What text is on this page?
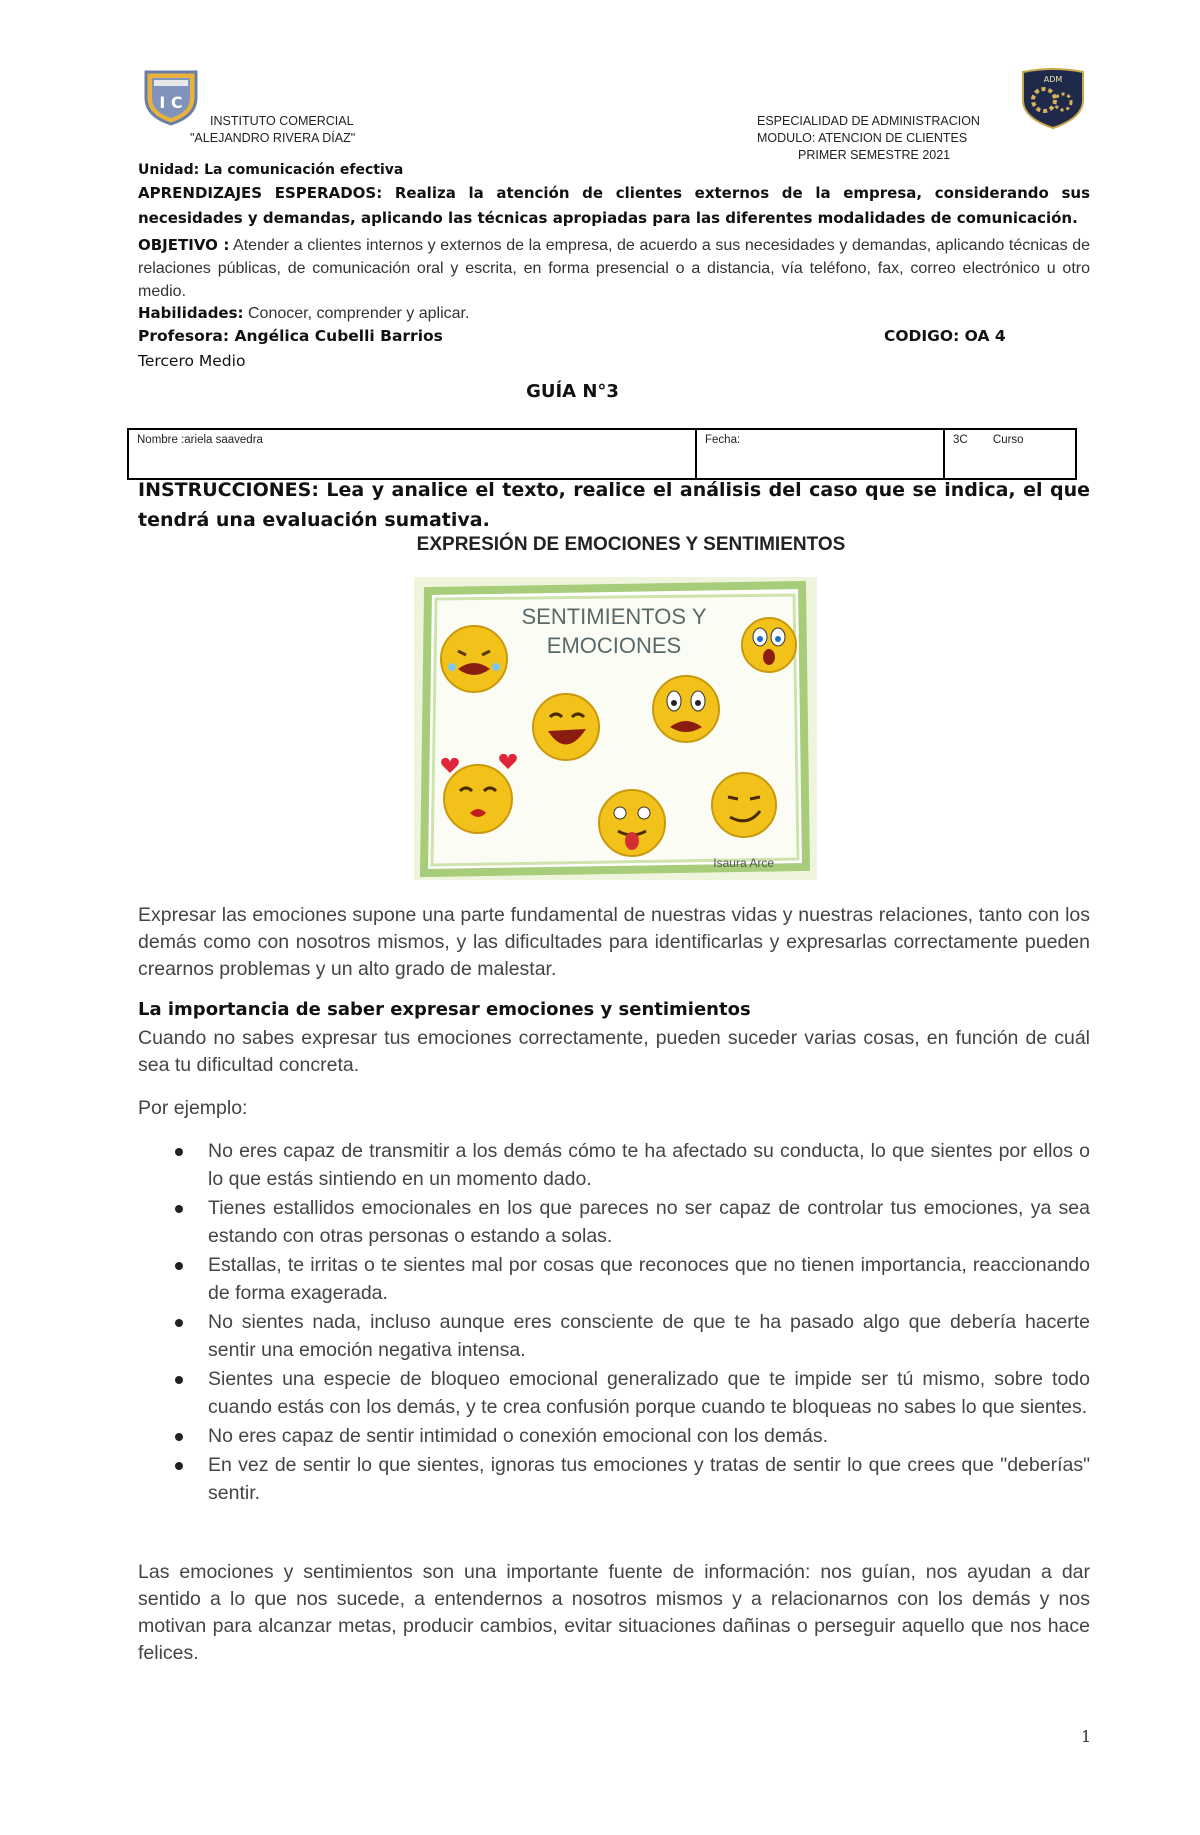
I C
ADM
INSTITUTO COMERCIAL
"ALEJANDRO RIVERA DÍAZ"
ESPECIALIDAD DE ADMINISTRACION
MODULO: ATENCION DE CLIENTES
PRIMER SEMESTRE 2021
Unidad: La comunicación efectiva
APRENDIZAJES ESPERADOS: Realiza la atención de clientes externos de la empresa, considerando sus necesidades y demandas, aplicando las técnicas apropiadas para las diferentes modalidades de comunicación.
OBJETIVO : Atender a clientes internos y externos de la empresa, de acuerdo a sus necesidades y demandas, aplicando técnicas de relaciones públicas, de comunicación oral y escrita, en forma presencial o a distancia, vía teléfono, fax, correo electrónico u otro medio.
Habilidades: Conocer, comprender y aplicar.
Profesora: Angélica Cubelli Barrios	CODIGO: OA 4
Tercero Medio
GUÍA N°3
Nombre :ariela saavedra	Fecha:	3C Curso
INSTRUCCIONES: Lea y analice el texto, realice el análisis del caso que se indica, el que tendrá una evaluación sumativa.
EXPRESIÓN DE EMOCIONES Y SENTIMIENTOS
SENTIMIENTOS Y
EMOCIONES
Isaura Arce
Expresar las emociones supone una parte fundamental de nuestras vidas y nuestras relaciones, tanto con los demás como con nosotros mismos, y las dificultades para identificarlas y expresarlas correctamente pueden crearnos problemas y un alto grado de malestar.
La importancia de saber expresar emociones y sentimientos
Cuando no sabes expresar tus emociones correctamente, pueden suceder varias cosas, en función de cuál sea tu dificultad concreta.
Por ejemplo:
No eres capaz de transmitir a los demás cómo te ha afectado su conducta, lo que sientes por ellos o lo que estás sintiendo en un momento dado.
Tienes estallidos emocionales en los que pareces no ser capaz de controlar tus emociones, ya sea estando con otras personas o estando a solas.
Estallas, te irritas o te sientes mal por cosas que reconoces que no tienen importancia, reaccionando de forma exagerada.
No sientes nada, incluso aunque eres consciente de que te ha pasado algo que debería hacerte sentir una emoción negativa intensa.
Sientes una especie de bloqueo emocional generalizado que te impide ser tú mismo, sobre todo cuando estás con los demás, y te crea confusión porque cuando te bloqueas no sabes lo que sientes.
No eres capaz de sentir intimidad o conexión emocional con los demás.
En vez de sentir lo que sientes, ignoras tus emociones y tratas de sentir lo que crees que "deberías" sentir.
Las emociones y sentimientos son una importante fuente de información: nos guían, nos ayudan a dar sentido a lo que nos sucede, a entendernos a nosotros mismos y a relacionarnos con los demás y nos motivan para alcanzar metas, producir cambios, evitar situaciones dañinas o perseguir aquello que nos hace felices.
1
